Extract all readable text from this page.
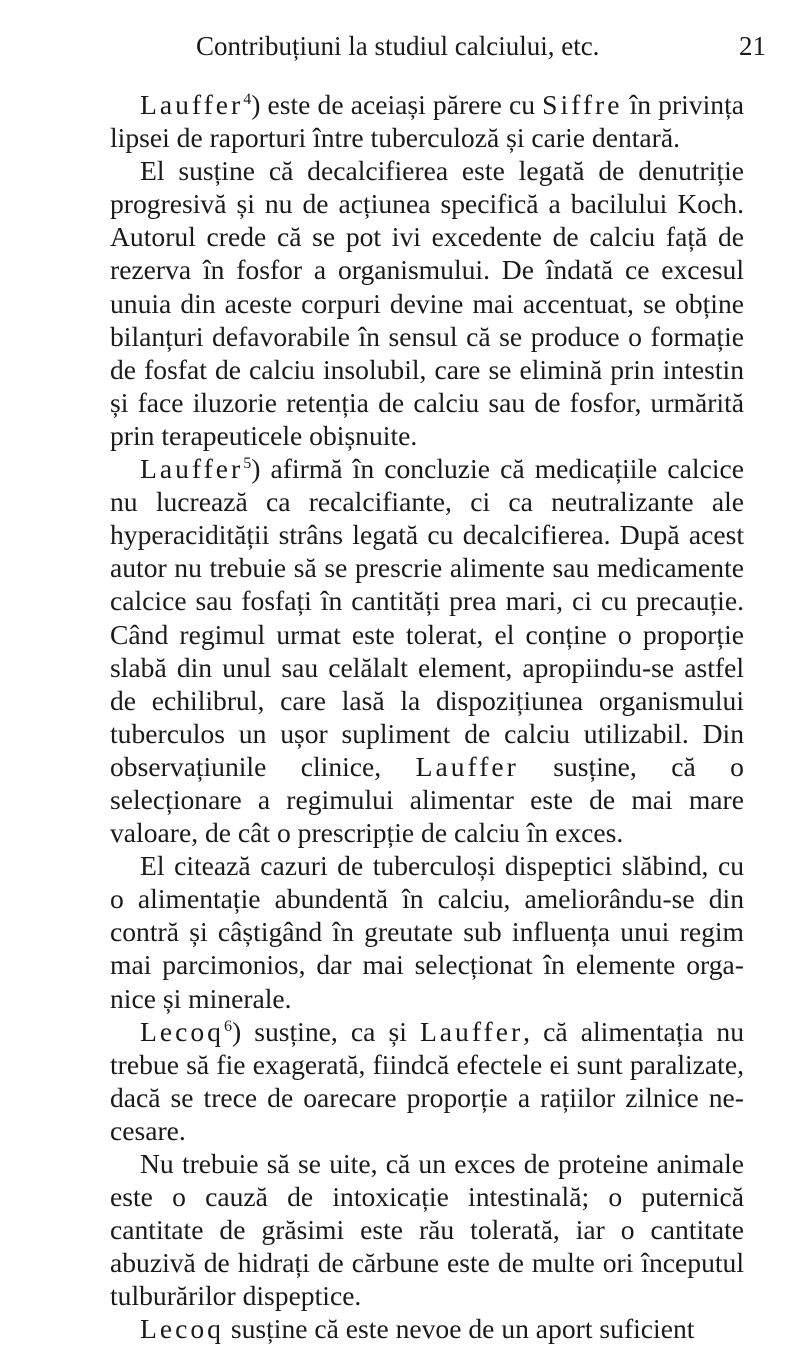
Contribuțiuni la studiul calciului, etc.	21

Lauffer$^4$) este de aceiași părere cu Siffre în privința lipsei de raporturi între tuberculoză și carie dentară.

El susține că decalcifierea este legată de denutriție progresivă și nu de acțiunea specifică a bacilului Koch. Autorul crede că se pot ivi excedente de calciu față de rezerva în fosfor a organismului. De îndată ce excesul unuia din aceste corpuri devine mai accentuat, se obține bilanțuri defavorabile în sensul că se produce o formație de fosfat de calciu insolubil, care se elimină prin intestin și face iluzorie retenția de calciu sau de fosfor, urmărită prin terapeuticele obișnuite.

Lauffer$^5$) afirmă în concluzie că medicațiile calcice nu lucrează ca recalcifiante, ci ca neutralizante ale hyperacidității strâns legată cu decalcifierea. După acest autor nu trebuie să se prescrie alimente sau medicamente calcice sau fosfați în cantități prea mari, ci cu precauție. Când regimul urmat este tolerat, el conține o proporție slabă din unul sau celălalt element, apropiindu-se astfel de echilibrul, care lasă la dispozițiunea organismului tuberculos un ușor supliment de calciu utilizabil. Din observațiunile clinice, Lauffer susține, că o selecționare a regimului alimentar este de mai mare valoare, de cât o prescripție de calciu în exces.

El citează cazuri de tuberculoși dispeptici slăbind, cu o alimentație abundentă în calciu, ameliorându-se din contră și câștigând în greutate sub influența unui regim mai parcimonios, dar mai selecționat în elemente organice și minerale.

Lecoq$^6$) susține, ca și Lauffer, că alimentația nu trebue să fie exagerată, fiindcă efectele ei sunt paralizate, dacă se trece de oarecare proporție a rațiilor zilnice necesare.

Nu trebuie să se uite, că un exces de proteine animale este o cauză de intoxicație intestinală; o puternică cantitate de grăsimi este rău tolerată, iar o cantitate abuzivă de hidrați de cărbune este de multe ori începutul tulburărilor dispeptice.

Lecoq susține că este nevoe de un aport suficient
